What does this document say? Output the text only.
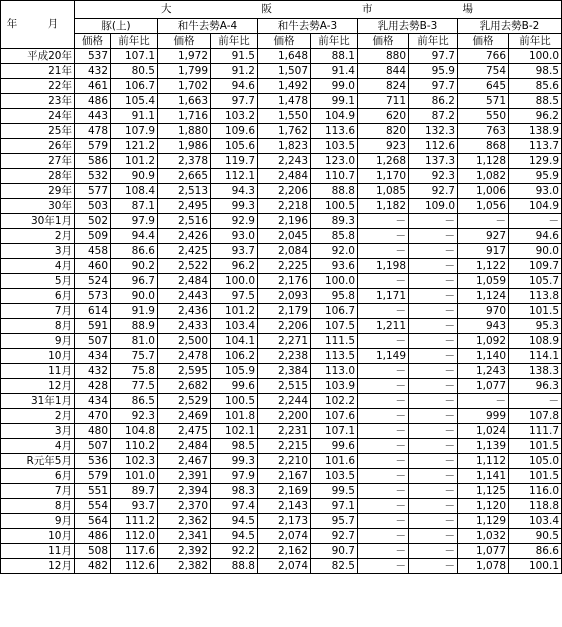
年　月	大 阪 市 場									

	豚(上)		和牛去勢A-4		和牛去勢A-3		乳用去勢B-3		乳用去勢B-2	
	価格	前年比	価格	前年比	価格	前年比	価格	前年比	価格	前年比
平成20年	537	107.1	1,972	91.5	1,648	88.1	880	97.7	766	100.0
21年	432	80.5	1,799	91.2	1,507	91.4	844	95.9	754	98.5
22年	461	106.7	1,702	94.6	1,492	99.0	824	97.7	645	85.6
23年	486	105.4	1,663	97.7	1,478	99.1	711	86.2	571	88.5
24年	443	91.1	1,716	103.2	1,550	104.9	620	87.2	550	96.2
25年	478	107.9	1,880	109.6	1,762	113.6	820	132.3	763	138.9
26年	579	121.2	1,986	105.6	1,823	103.5	923	112.6	868	113.7
27年	586	101.2	2,378	119.7	2,243	123.0	1,268	137.3	1,128	129.9
28年	532	90.9	2,665	112.1	2,484	110.7	1,170	92.3	1,082	95.9
29年	577	108.4	2,513	94.3	2,206	88.8	1,085	92.7	1,006	93.0
30年	503	87.1	2,495	99.3	2,218	100.5	1,182	109.0	1,056	104.9
30年1月	502	97.9	2,516	92.9	2,196	89.3	－	－	－	－
2月	509	94.4	2,426	93.0	2,045	85.8	－	－	927	94.6
3月	458	86.6	2,425	93.7	2,084	92.0	－	－	917	90.0
4月	460	90.2	2,522	96.2	2,225	93.6	1,198	－	1,122	109.7
5月	524	96.7	2,484	100.0	2,176	100.0	－	－	1,059	105.7
6月	573	90.0	2,443	97.5	2,093	95.8	1,171	－	1,124	113.8
7月	614	91.9	2,436	101.2	2,179	106.7	－	－	970	101.5
8月	591	88.9	2,433	103.4	2,206	107.5	1,211	－	943	95.3
9月	507	81.0	2,500	104.1	2,271	111.5	－	－	1,092	108.9
10月	434	75.7	2,478	106.2	2,238	113.5	1,149	－	1,140	114.1
11月	432	75.8	2,595	105.9	2,384	113.0	－	－	1,243	138.3
12月	428	77.5	2,682	99.6	2,515	103.9	－	－	1,077	96.3
31年1月	434	86.5	2,529	100.5	2,244	102.2	－	－	－	－
2月	470	92.3	2,469	101.8	2,200	107.6	－	－	999	107.8
3月	480	104.8	2,475	102.1	2,231	107.1	－	－	1,024	111.7
4月	507	110.2	2,484	98.5	2,215	99.6	－	－	1,139	101.5
R元年5月	536	102.3	2,467	99.3	2,210	101.6	－	－	1,112	105.0
6月	579	101.0	2,391	97.9	2,167	103.5	－	－	1,141	101.5
7月	551	89.7	2,394	98.3	2,169	99.5	－	－	1,125	116.0
8月	554	93.7	2,370	97.4	2,143	97.1	－	－	1,120	118.8
9月	564	111.2	2,362	94.5	2,173	95.7	－	－	1,129	103.4
10月	486	112.0	2,341	94.5	2,074	92.7	－	－	1,032	90.5
11月	508	117.6	2,392	92.2	2,162	90.7	－	－	1,077	86.6
12月	482	112.6	2,382	88.8	2,074	82.5	－	－	1,078	100.1
